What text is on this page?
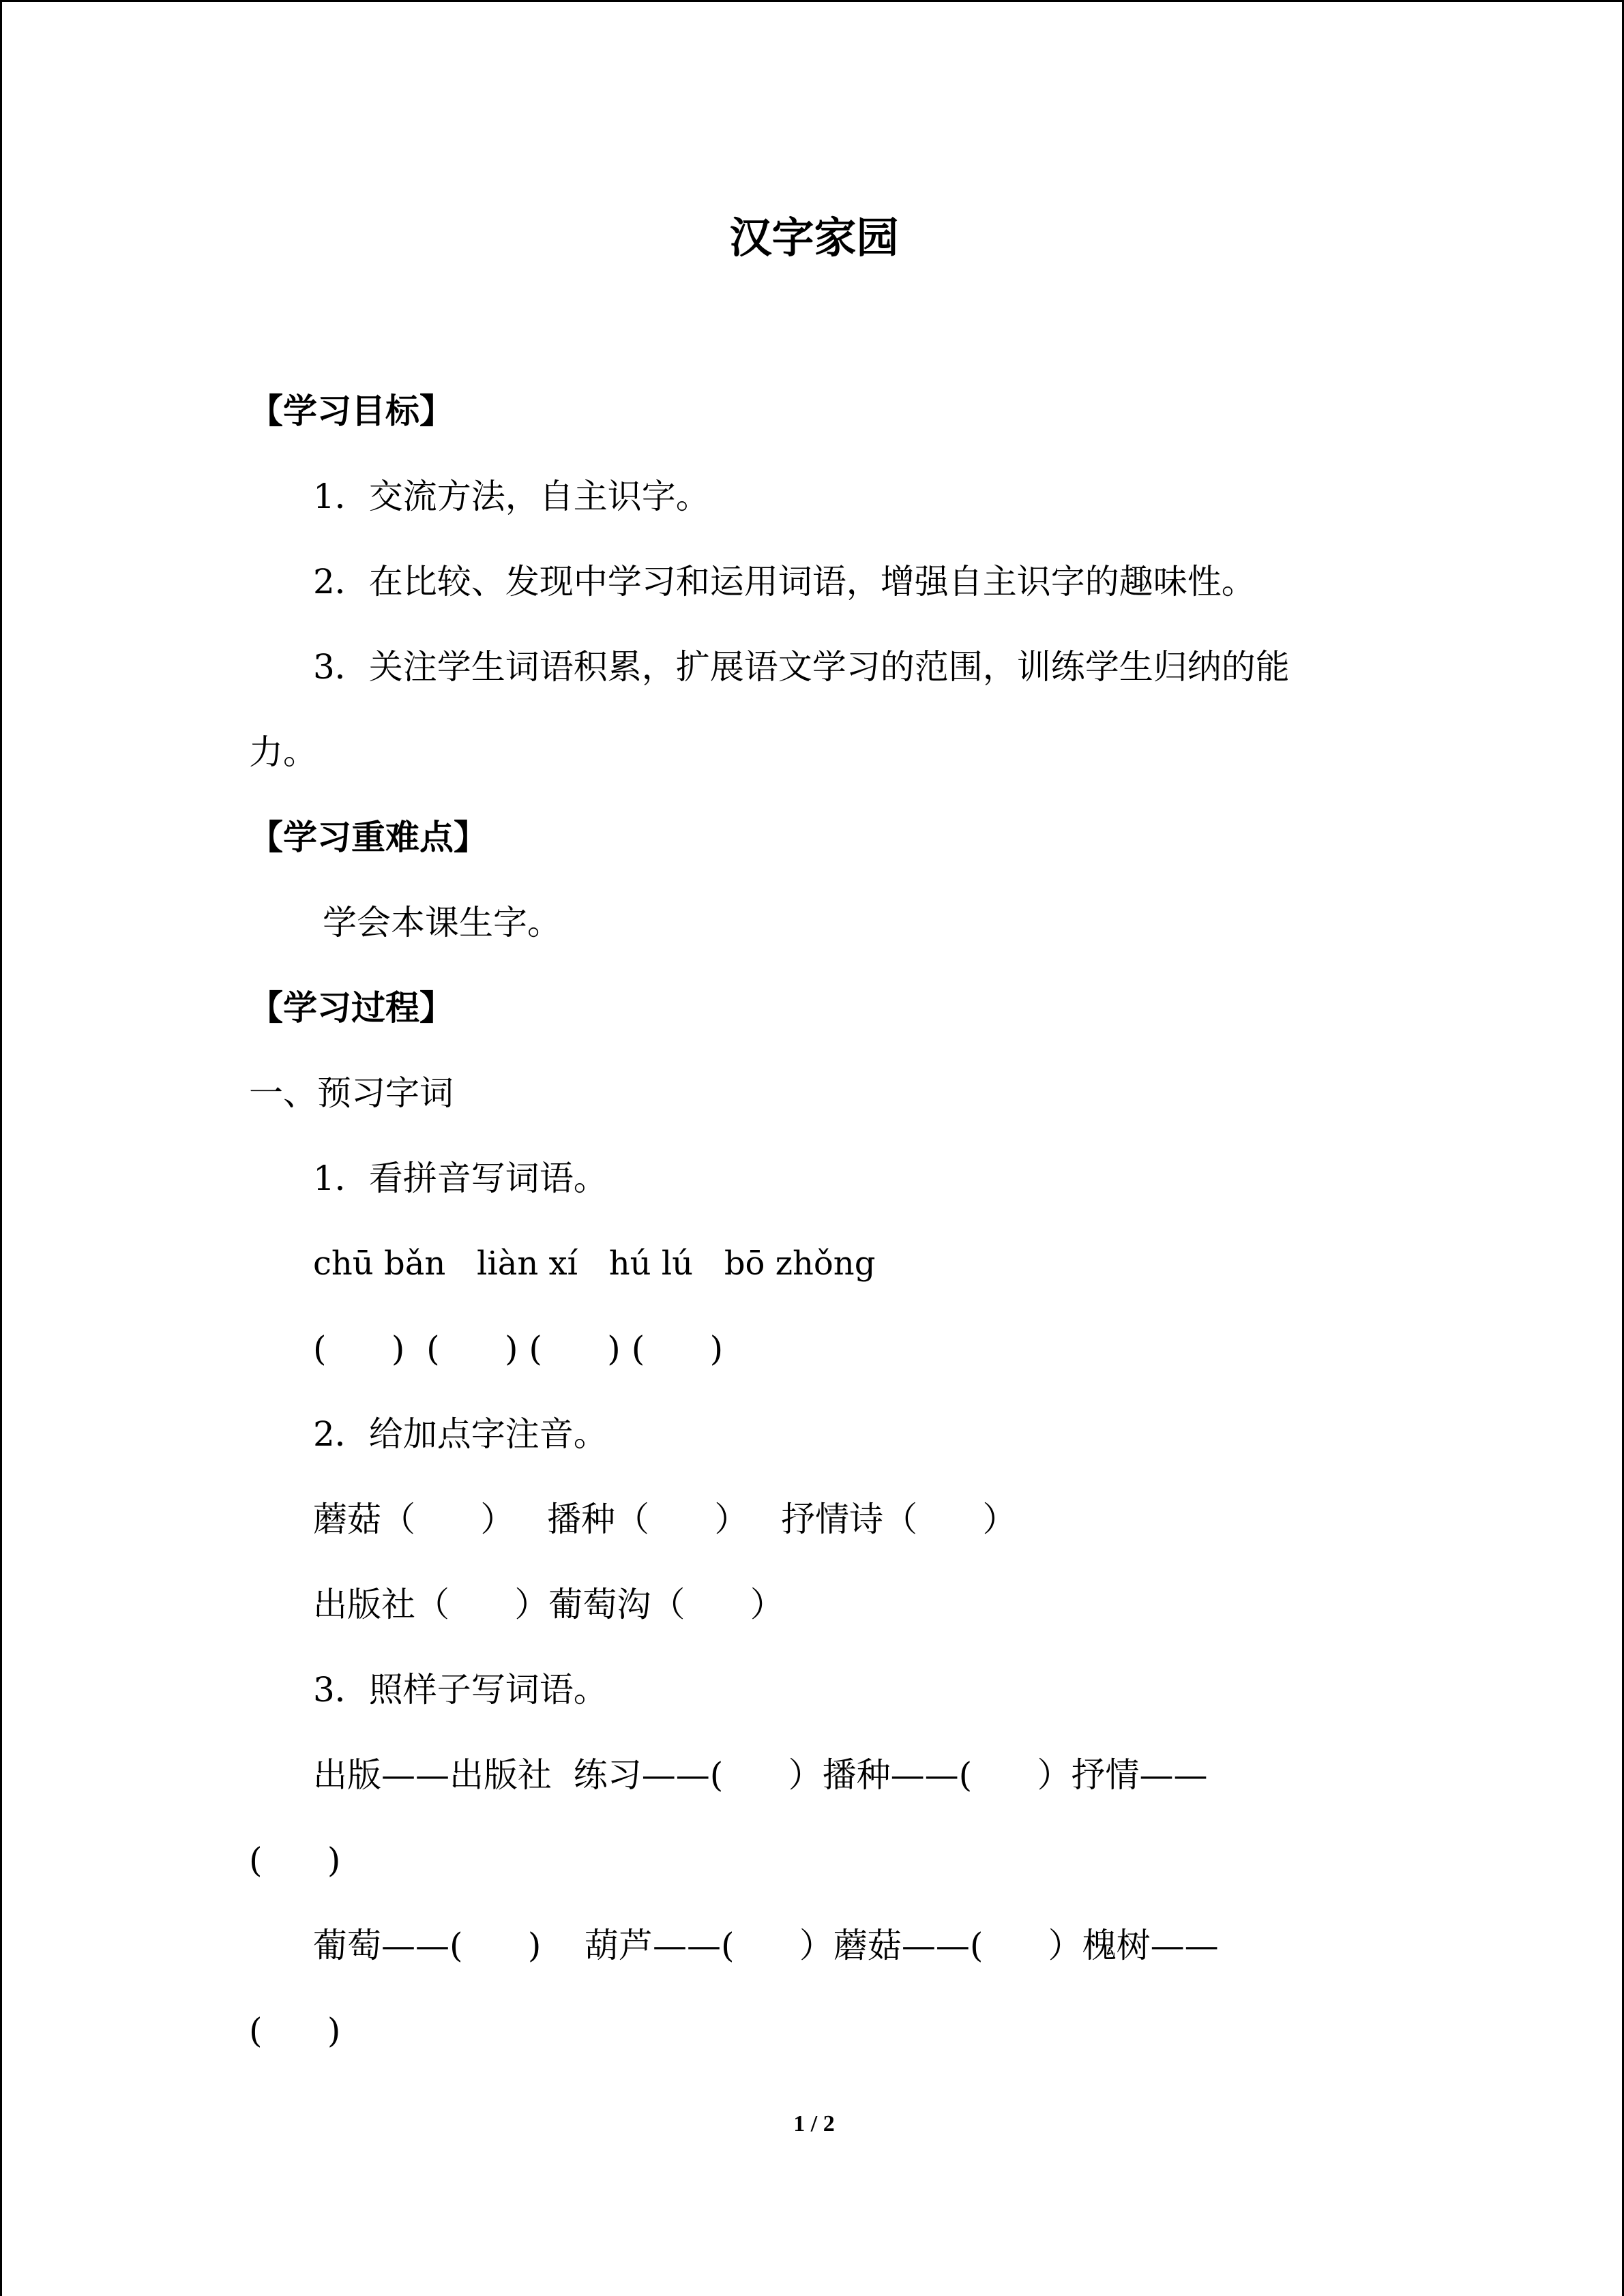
汉字家园
【学习目标】
1．交流方法，自主识字。
2．在比较、发现中学习和运用词语，增强自主识字的趣味性。
3．关注学生词语积累，扩展语文学习的范围，训练学生归纳的能
力。
【学习重难点】
学会本课生字。
【学习过程】
一、预习字词
1．看拼音写词语。
chū bǎn   liàn xí   hú lú   bō zhǒng
(      )  (      ) (      ) (      )
2．给加点字注音。
蘑菇（      ）   播种（      ）   抒情诗（      ）
出版社（      ）葡萄沟（      ）
3．照样子写词语。
出版——出版社  练习——(      ）播种——(      ）抒情——
(      )
葡萄——(      )    葫芦——(      ）蘑菇——(      ）槐树——
(      )
1 / 2
